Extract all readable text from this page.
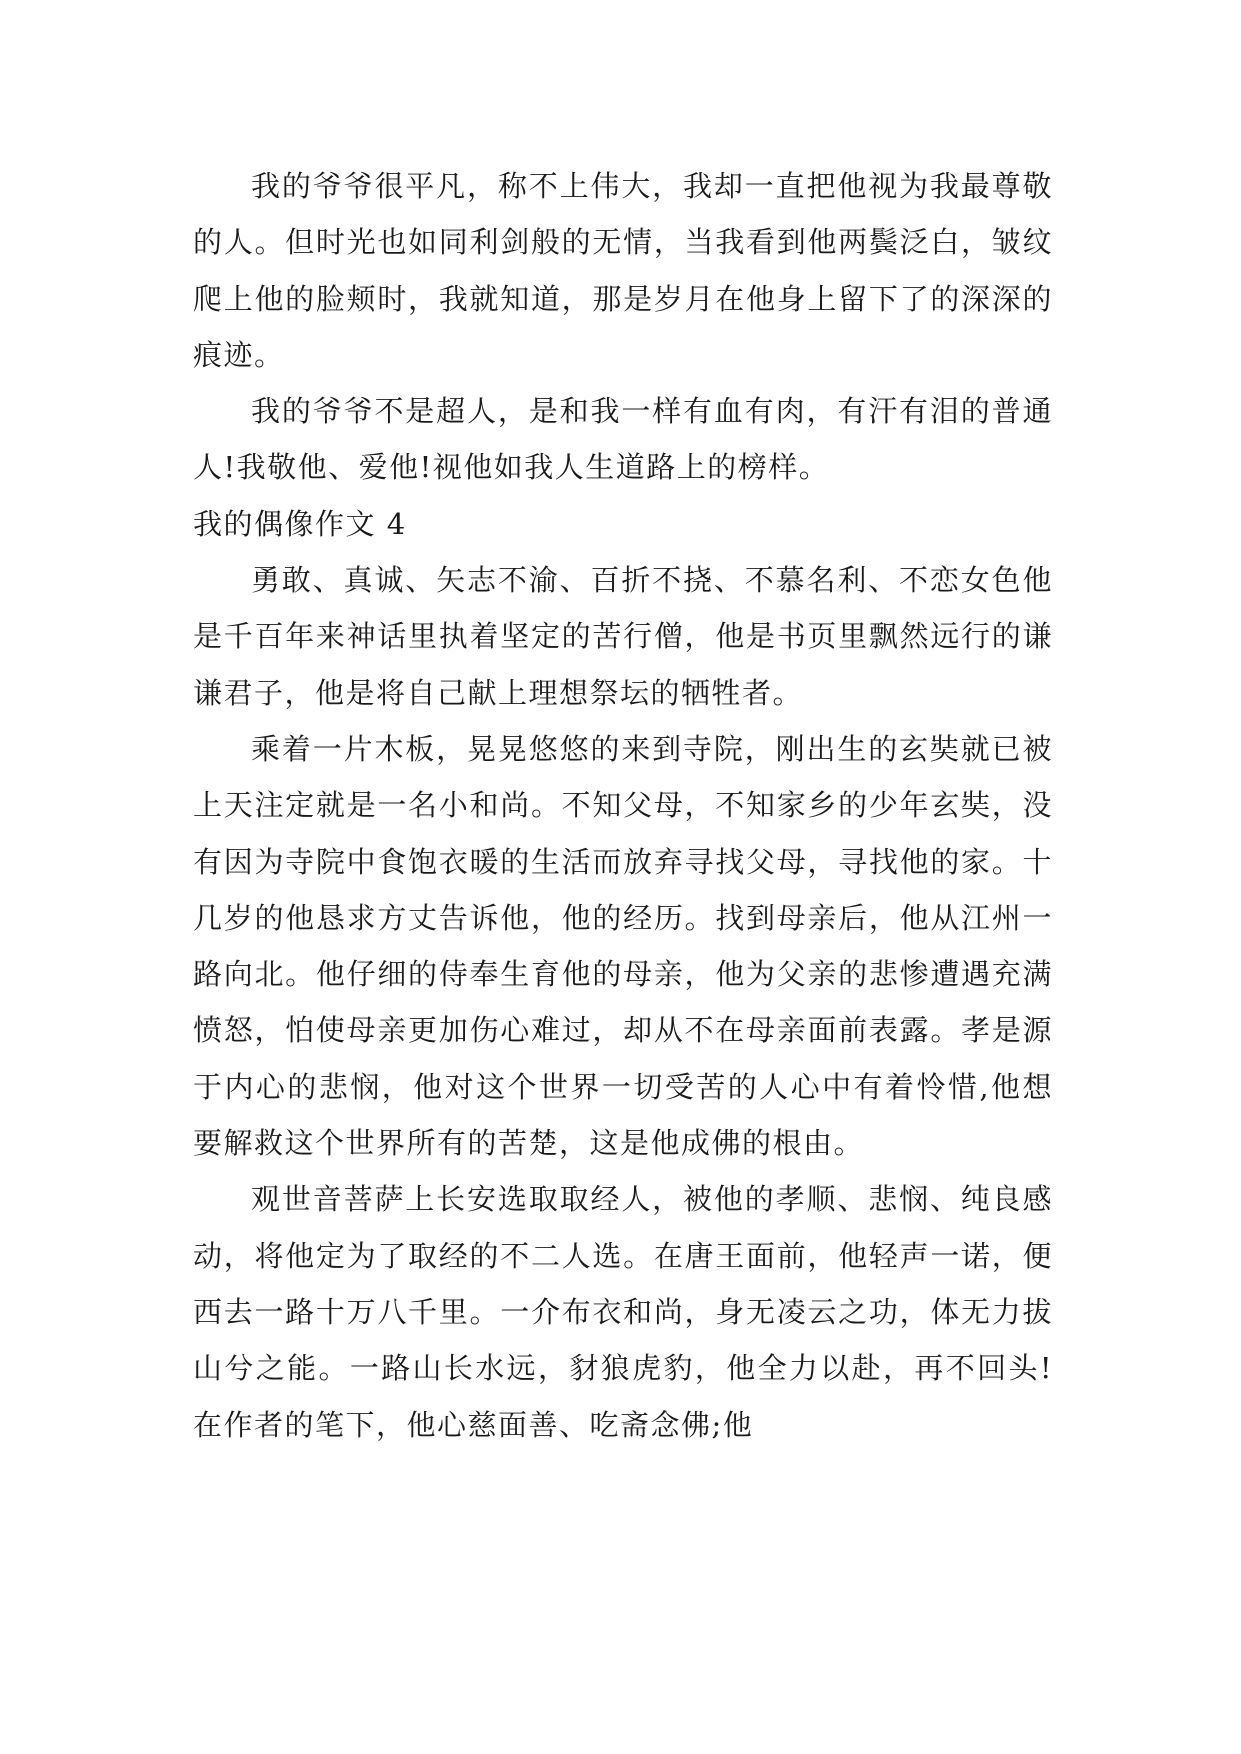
我的爷爷很平凡，称不上伟大，我却一直把他视为我最尊敬的人。但时光也如同利剑般的无情，当我看到他两鬓泛白，皱纹爬上他的脸颊时，我就知道，那是岁月在他身上留下了的深深的痕迹。

我的爷爷不是超人，是和我一样有血有肉，有汗有泪的普通人!我敬他、爱他!视他如我人生道路上的榜样。

我的偶像作文 4

勇敢、真诚、矢志不渝、百折不挠、不慕名利、不恋女色他是千百年来神话里执着坚定的苦行僧，他是书页里飘然远行的谦谦君子，他是将自己献上理想祭坛的牺牲者。

乘着一片木板，晃晃悠悠的来到寺院，刚出生的玄奘就已被上天注定就是一名小和尚。不知父母，不知家乡的少年玄奘，没有因为寺院中食饱衣暖的生活而放弃寻找父母，寻找他的家。十几岁的他恳求方丈告诉他，他的经历。找到母亲后，他从江州一路向北。他仔细的侍奉生育他的母亲，他为父亲的悲惨遭遇充满愤怒，怕使母亲更加伤心难过，却从不在母亲面前表露。孝是源于内心的悲悯，他对这个世界一切受苦的人心中有着怜惜,他想要解救这个世界所有的苦楚，这是他成佛的根由。

观世音菩萨上长安选取取经人，被他的孝顺、悲悯、纯良感动，将他定为了取经的不二人选。在唐王面前，他轻声一诺，便西去一路十万八千里。一介布衣和尚，身无凌云之功，体无力拔山兮之能。一路山长水远，豺狼虎豹，他全力以赴，再不回头!在作者的笔下，他心慈面善、吃斋念佛;他
